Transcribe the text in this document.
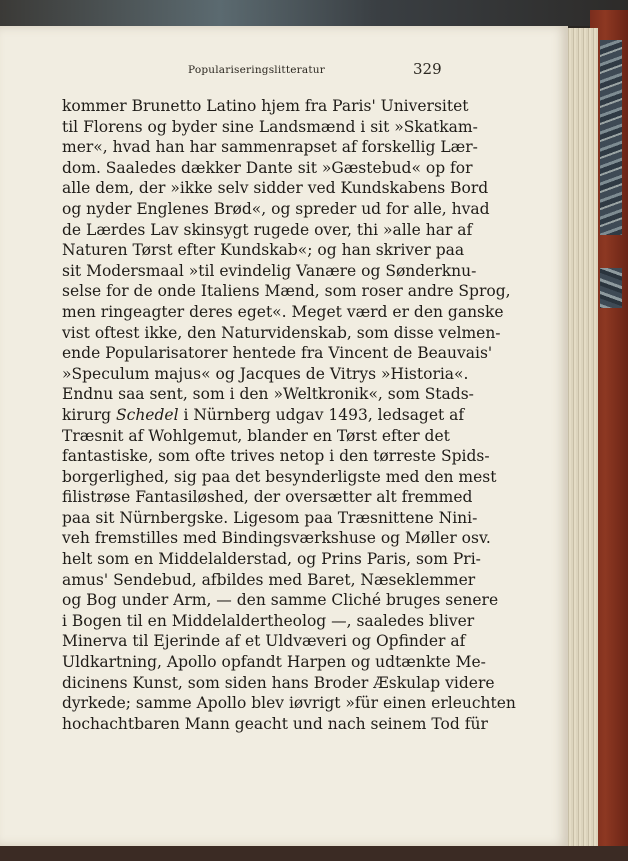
Populariseringslitteratur	329
kommer Brunetto Latino hjem fra Paris' Universitet
til Florens og byder sine Landsmænd i sit »Skatkam-
mer«, hvad han har sammenrapset af forskellig Lær-
dom. Saaledes dækker Dante sit »Gæstebud« op for
alle dem, der »ikke selv sidder ved Kundskabens Bord
og nyder Englenes Brød«, og spreder ud for alle, hvad
de Lærdes Lav skinsygt rugede over, thi »alle har af
Naturen Tørst efter Kundskab«; og han skriver paa
sit Modersmaal »til evindelig Vanære og Sønderknu-
selse for de onde Italiens Mænd, som roser andre Sprog,
men ringeagter deres eget«. Meget værd er den ganske
vist oftest ikke, den Naturvidenskab, som disse velmen-
ende Popularisatorer hentede fra Vincent de Beauvais'
»Speculum majus« og Jacques de Vitrys »Historia«.
Endnu saa sent, som i den »Weltkronik«, som Stads-
kirurg Schedel i Nürnberg udgav 1493, ledsaget af
Træsnit af Wohlgemut, blander en Tørst efter det
fantastiske, som ofte trives netop i den tørreste Spids-
borgerlighed, sig paa det besynderligste med den mest
filistrøse Fantasiløshed, der oversætter alt fremmed
paa sit Nürnbergske. Ligesom paa Træsnittene Nini-
veh fremstilles med Bindingsværkshuse og Møller osv.
helt som en Middelalderstad, og Prins Paris, som Pri-
amus' Sendebud, afbildes med Baret, Næseklemmer
og Bog under Arm, — den samme Cliché bruges senere
i Bogen til en Middelaldertheolog —, saaledes bliver
Minerva til Ejerinde af et Uldvæveri og Opfinder af
Uldkartning, Apollo opfandt Harpen og udtænkte Me-
dicinens Kunst, som siden hans Broder Æskulap videre
dyrkede; samme Apollo blev iøvrigt »für einen erleuchten
hochachtbaren Mann geacht und nach seinem Tod für
